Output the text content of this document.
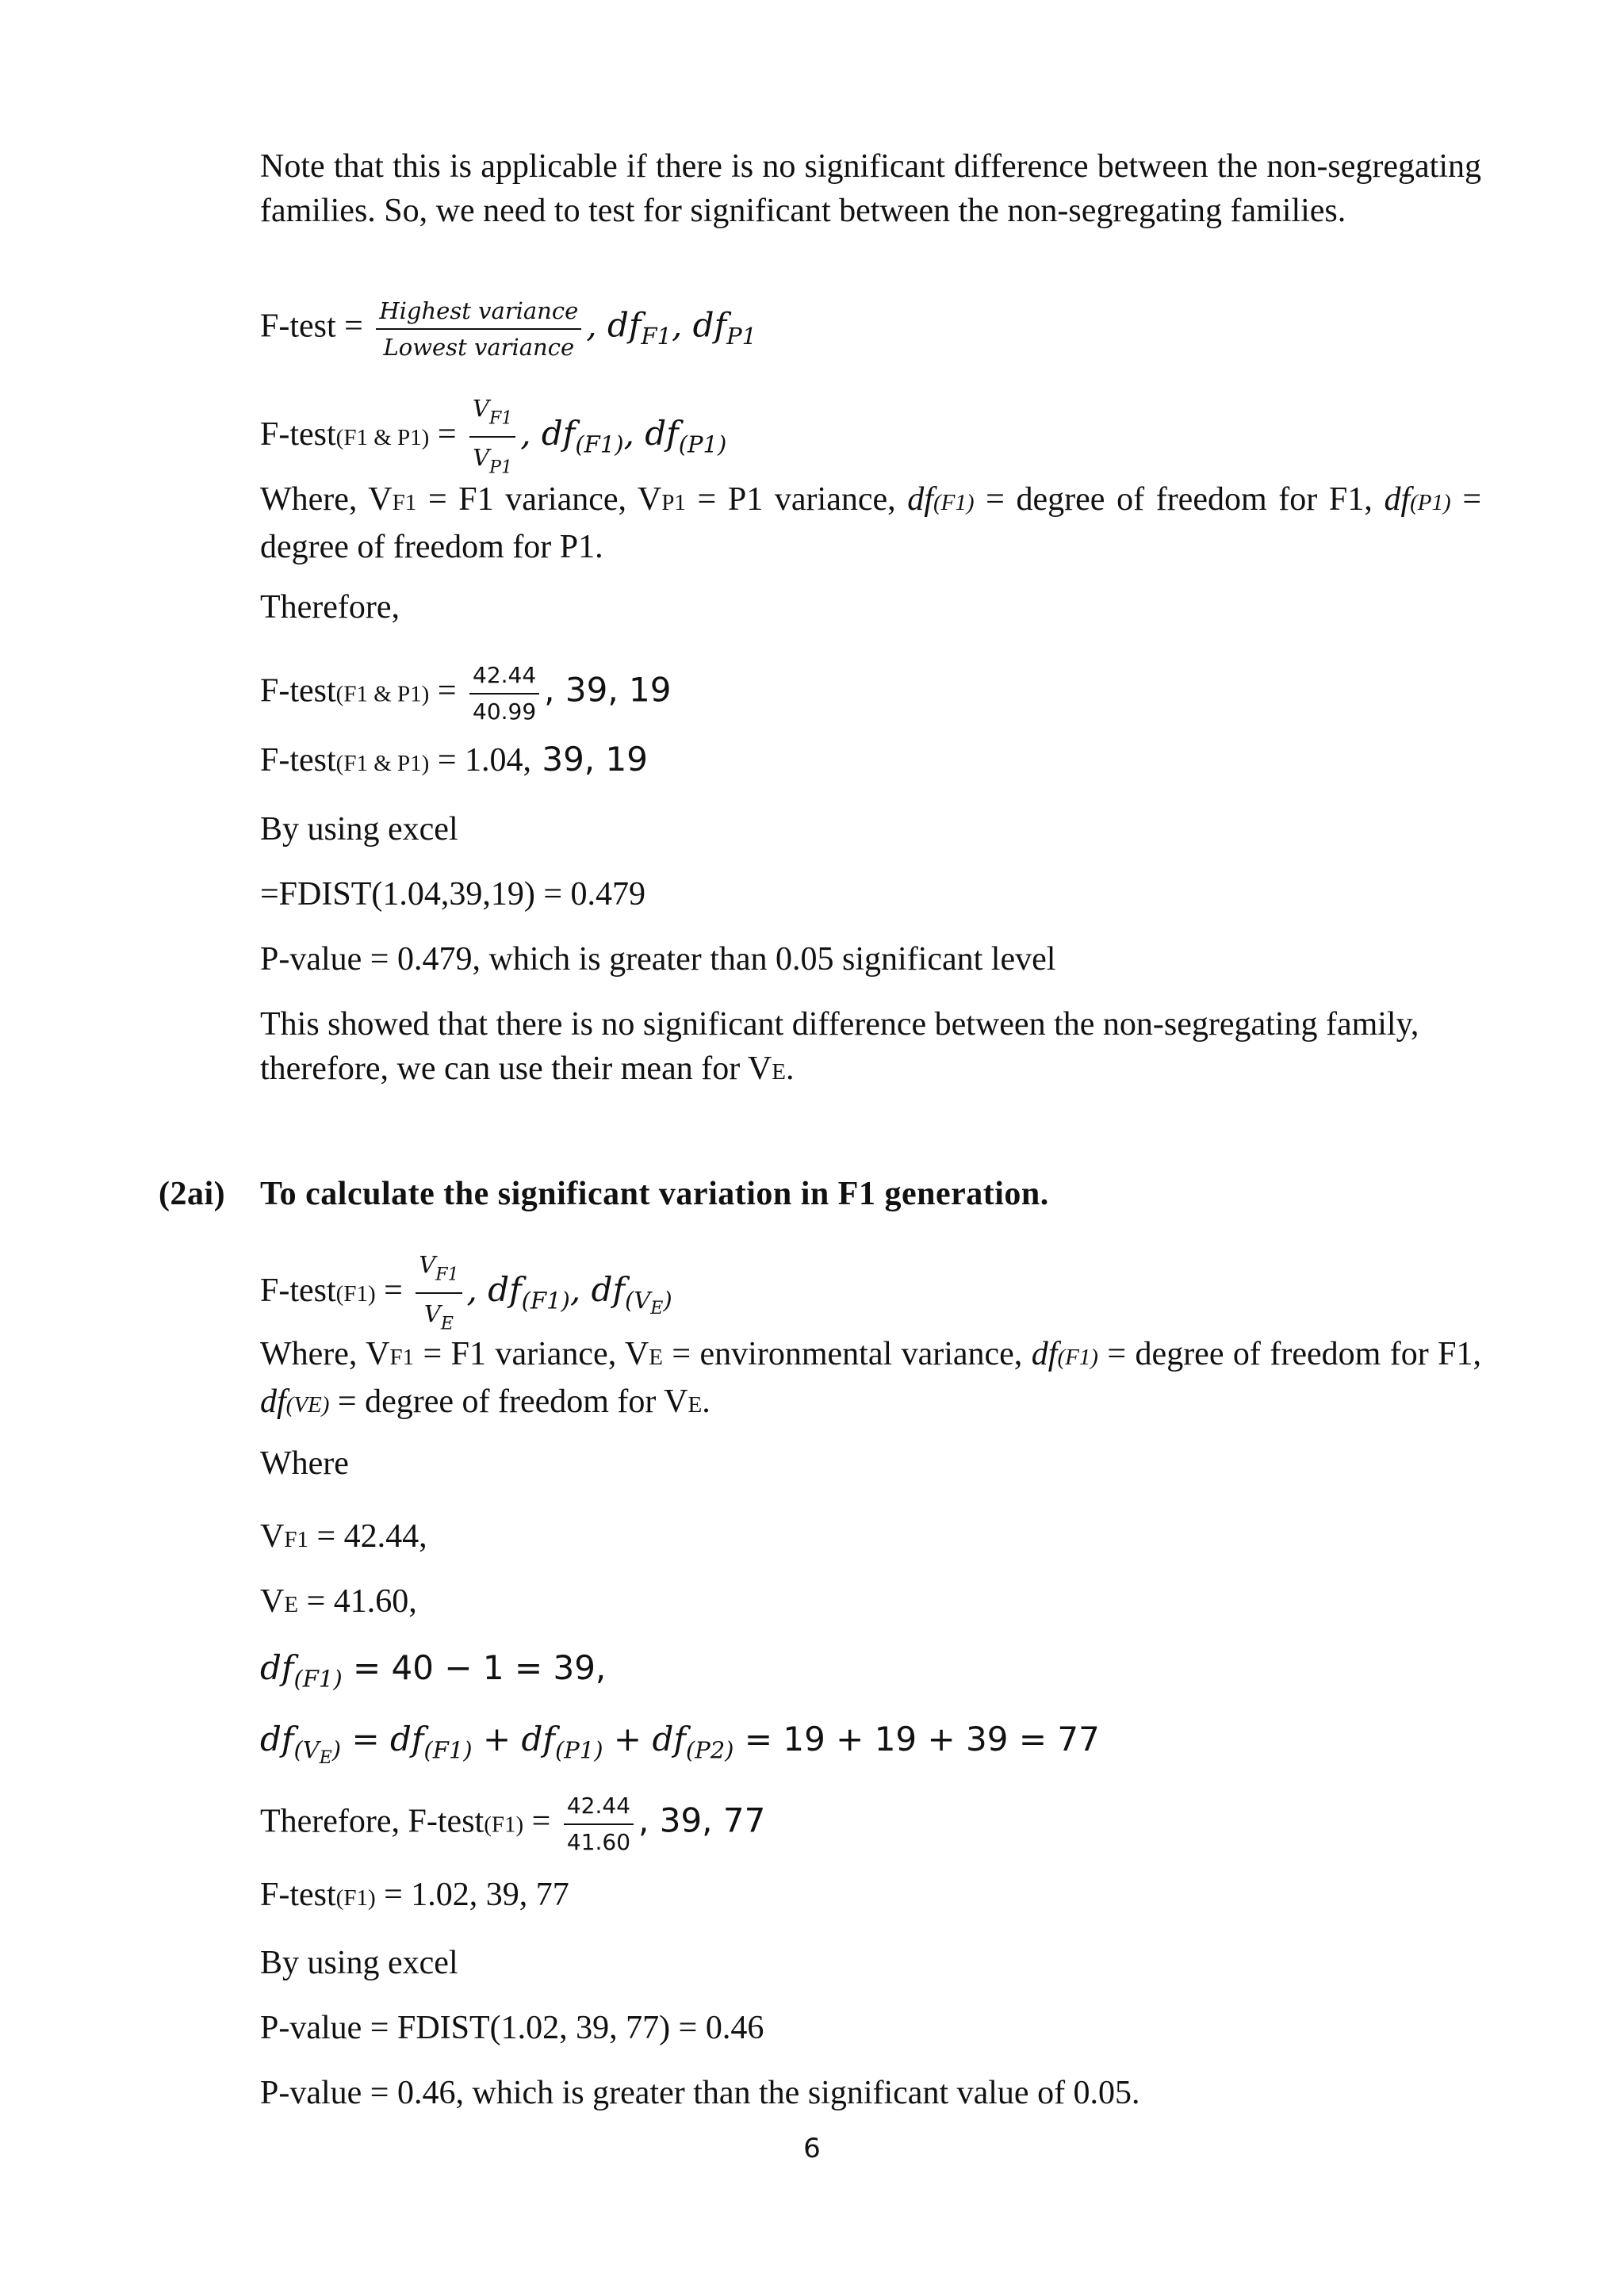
Note that this is applicable if there is no significant difference between the non-segregating families. So, we need to test for significant between the non-segregating families.
F-test = $\frac{\text{Highest variance}}{\text{Lowest variance}}$ , $df_{F1}$, $df_{P1}$
F-test(F1 & $P1) = \frac{V_{F1}}{V_{P1}}$ , $df_{(F1)}$, $df_{(P1)}$
Where, VF1 = F1 variance, VP1 = P1 variance, df(F1) = degree of freedom for F1, df(P1) = degree of freedom for P1.
Therefore,
F-test(F1 & $P1) = \frac{42.44}{40.99}$ , 39, 19
F-test(F1 & P1) = 1.04, 39, 19
By using excel
=FDIST(1.04,39,19) = 0.479
P-value = 0.479, which is greater than 0.05 significant level
This showed that there is no significant difference between the non-segregating family,
therefore, we can use their mean for VE.
(2ai) To calculate the significant variation in F1 generation.
F-test(F1) = $\frac{V_{F1}}{V_E}$ , $df_{(F1)}$, $df_{(V_E)}$
Where, VF1 = F1 variance, VE = environmental variance, df(F1) = degree of freedom for F1, df(VE) = degree of freedom for VE.
Where
VF1 = 42.44,
VE = 41.60,
$df_{(F1)} = 40 - 1 = 39$,
$df_{(V_E)} = df_{(F1)} + df_{(P1)} + df_{(P2)} = 19 + 19 + 39 = 77$
Therefore, F-test(F1) = $\frac{42.44}{41.60}$ , 39, 77
F-test(F1) = 1.02, 39, 77
By using excel
P-value = FDIST(1.02, 39, 77) = 0.46
P-value = 0.46, which is greater than the significant value of 0.05.
6
